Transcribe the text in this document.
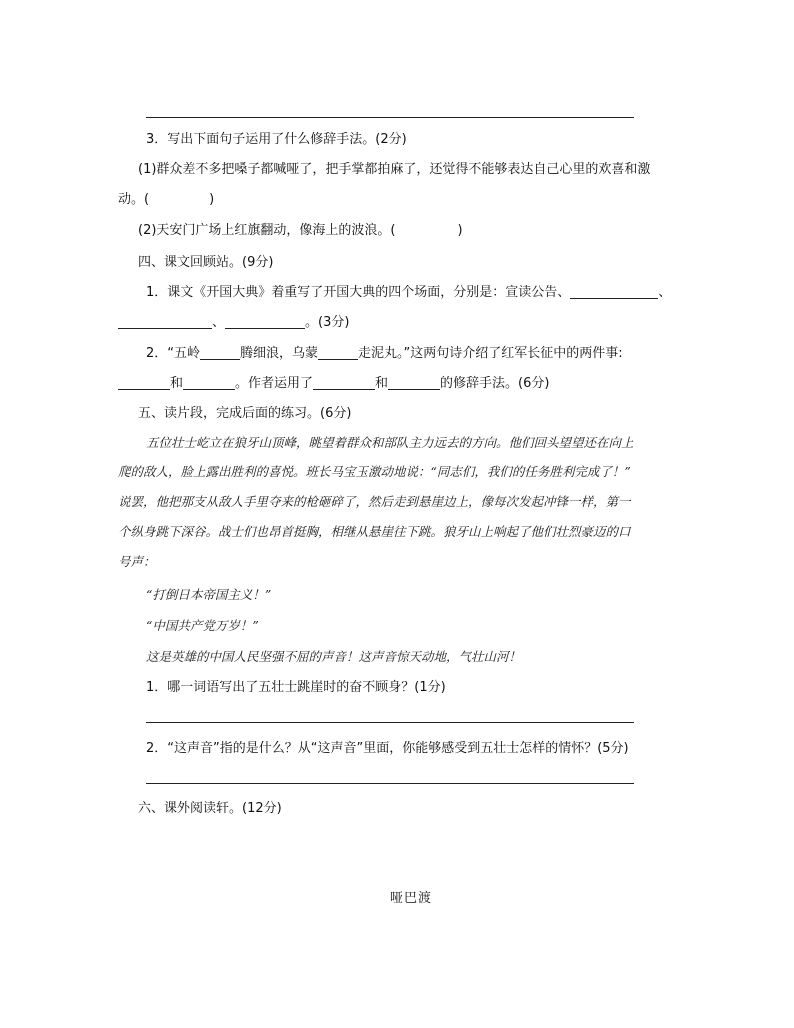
3．写出下面句子运用了什么修辞手法。(2分)
(1)群众差不多把嗓子都喊哑了，把手掌都拍麻了，还觉得不能够表达自己心里的欢喜和激
动。(	)
(2)天安门广场上红旗翻动，像海上的波浪。(	)
四、课文回顾站。(9分)
1．课文《开国大典》着重写了开国大典的四个场面，分别是：宣读公告、	、
、	。(3分)
2．“五岭	腾细浪，乌蒙	走泥丸。”这两句诗介绍了红军长征中的两件事:
和	。作者运用了	和	的修辞手法。(6分)
五、读片段，完成后面的练习。(6分)
五位壮士屹立在狼牙山顶峰，眺望着群众和部队主力远去的方向。他们回头望望还在向上
爬的敌人，脸上露出胜利的喜悦。班长马宝玉激动地说：“同志们，我们的任务胜利完成了！”
说罢，他把那支从敌人手里夺来的枪砸碎了，然后走到悬崖边上，像每次发起冲锋一样，第一
个纵身跳下深谷。战士们也昂首挺胸，相继从悬崖往下跳。狼牙山上响起了他们壮烈豪迈的口
号声：
“打倒日本帝国主义！”
“中国共产党万岁！”
这是英雄的中国人民坚强不屈的声音！这声音惊天动地，气壮山河！
1．哪一词语写出了五壮士跳崖时的奋不顾身？(1分)
2．“这声音”指的是什么？从“这声音”里面，你能够感受到五壮士怎样的情怀？(5分)
六、课外阅读轩。(12分)
哑巴渡
